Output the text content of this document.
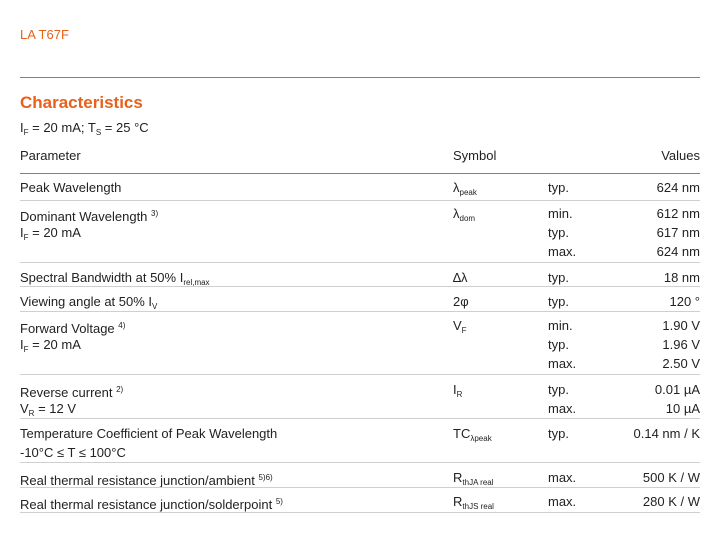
LA T67F
Characteristics
$I_F = 20$ mA; $T_S = 25$ °C
Parameter	Symbol	Values
Peak Wavelength	$\lambda_{peak}$	typ.	624 nm
Dominant Wavelength $^{3)}$
$I_F = 20$ mA
$\lambda_{dom}$	min.	612 nm
typ.	617 nm
max.	624 nm
Spectral Bandwidth at 50% $I_{rel,max}$	∆λ	typ.	18 nm
Viewing angle at 50% $I_V$	2φ	typ.	120 °
Forward Voltage $^{4)}$
$I_F = 20$ mA
$V_F$	min.	1.90 V
typ.	1.96 V
max.	2.50 V
Reverse current $^{2)}$
$V_R = 12$ V
$I_R$	typ.	0.01 µA
max.	10 µA
Temperature Coefficient of Peak Wavelength
-10°C ≤ T ≤ 100°C
$TC_{\lambda peak}$	typ.	0.14 nm / K
Real thermal resistance junction/ambient $^{5)6)}$	$R_{thJA real}$	max.	500 K / W
Real thermal resistance junction/solderpoint $^{5)}$	$R_{thJS real}$	max.	280 K / W
